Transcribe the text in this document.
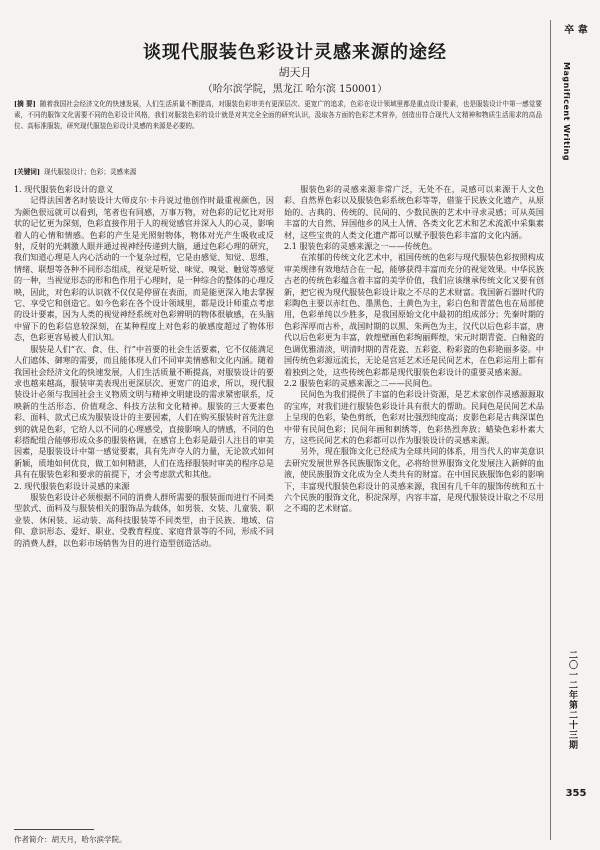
卒 韋
Magnificent Writing
二〇一二年第二十三期
355
谈现代服装色彩设计灵感来源的途经
胡天月
（哈尔滨学院，黑龙江 哈尔滨 150001）

[摘 要] 随着我国社会经济文化的快速发展，人们生活质量不断提高，对服装色彩审美有更深层次、更宽广的追求，色彩在设计领域里都是重点设计要素，也是服装设计中第一感觉要素，不同的服饰文化需要不同的色彩设计风格，我们对服装色彩的设计就是对其完全全面的研究认识，汲取各方面的色彩艺术营养，创造出符合现代人文精神和物质生活需求的高品位、高标准服装，研究现代服装色彩设计灵感的来源是必要的。

[关键词] 现代服装设计；色彩；灵感来源
1. 现代服装色彩设计的意义

记得法国著名时装设计大师皮尔·卡丹说过他创作时最重视颜色，因为颜色很远就可以看到，笔者也有同感，万事万物，对色彩的记忆比对形状的记忆更为深刻，色彩直接作用于人的视觉感官并深入人的心灵，影响着人的心情和情感。色彩的产生是光照射物体，物体对光产生吸收或反射，反射的光刺激人眼并通过视神经传递到大脑，通过色彩心理的研究，我们知道心理是人内心活动的一个复杂过程，它是由感觉、知觉、思维、情绪、联想等各种不同形态组成，视觉是听觉、味觉、嗅觉、触觉等感觉的一种，当视觉形态的形和色作用于心理时，是一种综合的整体的心理反映，因此，对色彩的认识就不仅仅是停留在表面，而是能更深入地去掌握它、享受它和创造它。如今色彩在各个设计领域里，都是设计师重点考虑的设计要素，因为人类的视觉神经系统对色彩辨明的物体很敏感，在头脑中留下的色彩信息较深刻，在某种程度上对色彩的敏感度超过了物体形态，色彩更容易被人们认知。

服装是人们“衣、食、住、行”中首要的社会生活要素，它不仅能满足人们遮体、御寒的需要，而且能体现人们不同审美情感和文化内涵。随着我国社会经济文化的快速发展，人们生活质量不断提高，对服装设计的要求也越来越高，服装审美表现出更深层次、更宽广的追求，所以，现代服装设计必须与我国社会主义物质文明与精神文明建设的需求紧密联系，反映新的生活形态、价值观念、科技方法和文化精神。服装的三大要素色彩、面料、款式已成为服装设计的主要因素，人们在购买服装时首先注意到的就是色彩，它给人以不同的心理感受，直接影响人的情感，不同的色彩搭配组合能够形成众多的服装格调，在感官上色彩是最引人注目的审美因素，是服装设计中第一感觉要素，具有先声夺人的力量，无论款式如何新颖，质地如何优良，做工如何精湛，人们在选择服装时审美的程序总是具有在服装色彩和要求的前提下，才会考虑款式和其他。

2. 现代服装色彩设计灵感的来源

服装色彩设计必须根据不同的消费人群所需要的服装面而进行不同类型款式、面料及与服装相关的服饰品为载体，如男装、女装、儿童装、职业装、休闲装、运动装、高科技服装等不同类型，由于民族、地域、信仰、意识形态、爱好、职业、受教育程度、家庭背景等的不同，形成不同的消费人群，以色彩市场销售为目的进行造型创造活动。

服装色彩的灵感来源非常广泛，无处不在，灵感可以来源于人文色彩、自然界色彩以及服装色彩系统色彩等等，借鉴于民族文化遗产，从原始的、古典的、传统的、民间的、少数民族的艺术中寻求灵感；可从英国丰富的大自然、异国他乡的风土人情、各类文化艺术和艺术流派中采集素材，这些宝贵的人类文化遗产都可以赋予服装色彩丰富的文化内涵。

2.1 服装色彩的灵感来源之一——传统色。

在浓郁的传统文化艺术中，祖国传统的色彩与现代服装色彩按照构成审美规律有效地结合在一起，能够获得丰富而充分的视觉效果。中华民族古老的传统色彩蕴含着丰富的美学价值，我们应该继承传统文化又要有创新，把它视为现代服装色彩设计取之不尽的艺术财富。我国新石器时代的彩陶色主要以赤红色、墨黑色、土黄色为主，彩白色和青蓝色也在局部使用，色彩单纯以少胜多，是我国原始文化中最初的组成部分；先秦时期的色彩浑厚而古朴，战国时期的以黑、朱两色为主，汉代以后色彩丰富，唐代以后色彩更为丰富，敦煌壁画色彩绚丽辉煌，宋元时期青瓷、白釉瓷的色调优雅清淡，明清时期的青花瓷、五彩瓷、粉彩瓷的色彩艳丽多姿。中国传统色彩源远流长，无论是宫廷艺术还是民间艺术，在色彩运用上都有着独到之处，这些传统色彩都是现代服装色彩设计的重要灵感来源。

2.2 服装色彩的灵感来源之二——民间色。

民间色为我们提供了丰富的色彩设计资源，是艺术家创作灵感源源取的宝库，对我们进行服装色彩设计具有很大的帮助。民间色是民间艺术品上呈现的色彩，染色剪纸，色彩对比强烈纯度高；皮影色彩是古典深谋色中带有民间色彩；民间年画和刺绣等，色彩热烈奔放；蜡染色彩朴素大方，这些民间艺术的色彩都可以作为服装设计的灵感来源。

另外，现在服饰文化已经成为全球共同的体系，用当代人的审美意识去研究发展世界各民族服饰文化，必将给世界服饰文化发展注入新鲜的血液，使民族服饰文化成为全人类共有的财富。在中国民族服饰色彩的影响下，丰富现代服装色彩设计的灵感来源，我国有几千年的服饰传统和五十六个民族的服饰文化，积淀深厚，内容丰富，是现代服装设计取之不尽用之不竭的艺术财富。

作者简介：胡天月，哈尔滨学院。
